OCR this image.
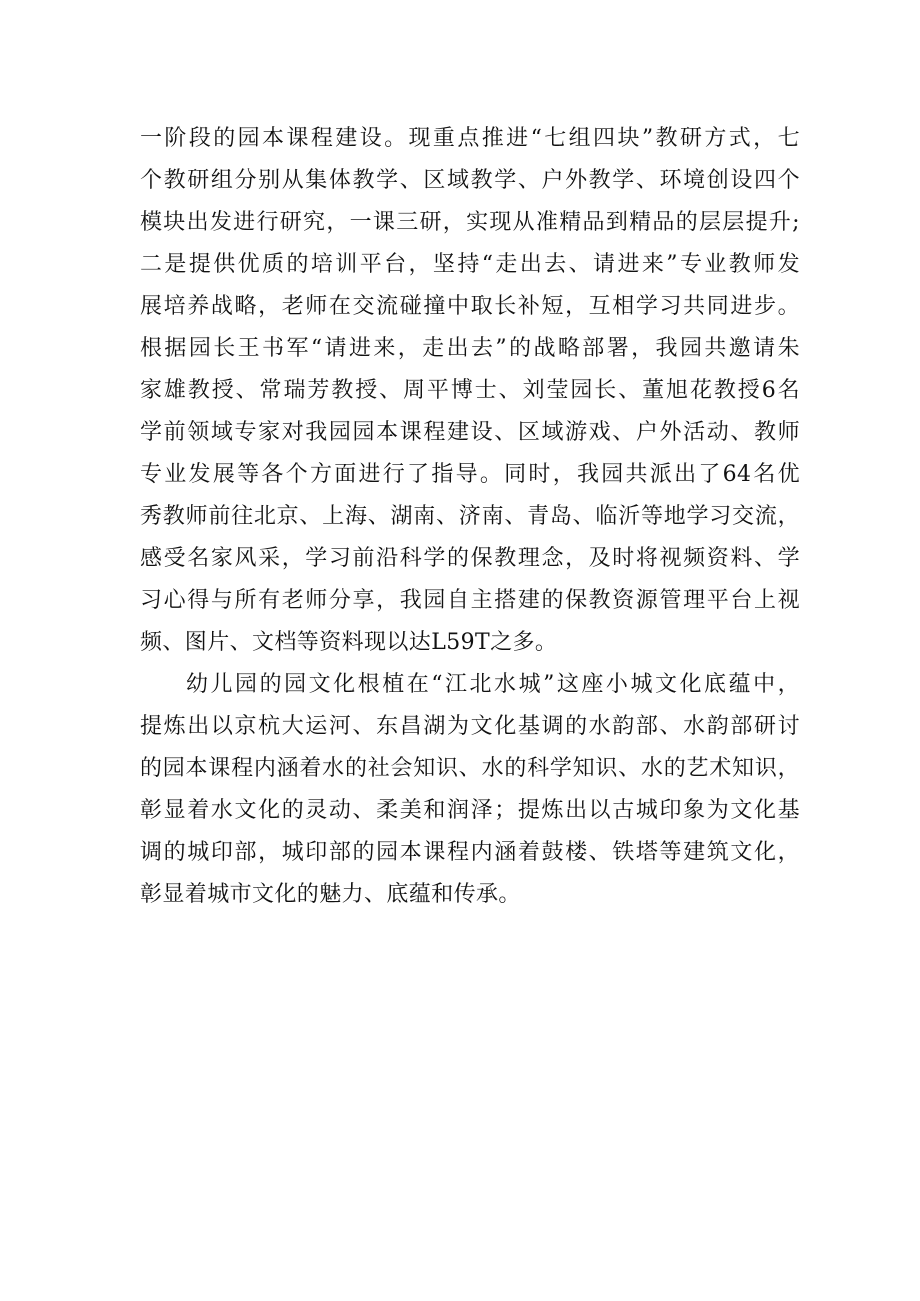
一阶段的园本课程建设。现重点推进“七组四块”教研方式，七
个教研组分别从集体教学、区域教学、户外教学、环境创设四个
模块出发进行研究，一课三研，实现从准精品到精品的层层提升;
二是提供优质的培训平台，坚持“走出去、请进来”专业教师发
展培养战略，老师在交流碰撞中取长补短，互相学习共同进步。
根据园长王书军“请进来，走出去”的战略部署，我园共邀请朱
家雄教授、常瑞芳教授、周平博士、刘莹园长、董旭花教授6名
学前领域专家对我园园本课程建设、区域游戏、户外活动、教师
专业发展等各个方面进行了指导。同时，我园共派出了64名优
秀教师前往北京、上海、湖南、济南、青岛、临沂等地学习交流，
感受名家风采，学习前沿科学的保教理念，及时将视频资料、学
习心得与所有老师分享，我园自主搭建的保教资源管理平台上视
频、图片、文档等资料现以达L59T之多。
幼儿园的园文化根植在“江北水城”这座小城文化底蕴中，
提炼出以京杭大运河、东昌湖为文化基调的水韵部、水韵部研讨
的园本课程内涵着水的社会知识、水的科学知识、水的艺术知识，
彰显着水文化的灵动、柔美和润泽；提炼出以古城印象为文化基
调的城印部，城印部的园本课程内涵着鼓楼、铁塔等建筑文化，
彰显着城市文化的魅力、底蕴和传承。
